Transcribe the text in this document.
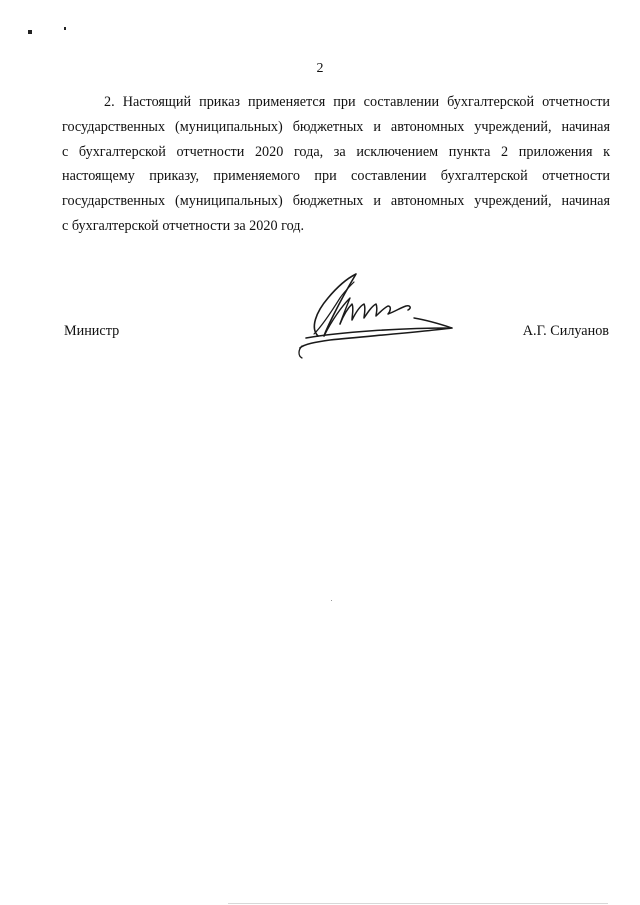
2

2. Настоящий приказ применяется при составлении бухгалтерской отчетности
государственных (муниципальных) бюджетных и автономных учреждений, начиная
с бухгалтерской отчетности 2020 года, за исключением пункта 2 приложения к
настоящему приказу, применяемого при составлении бухгалтерской отчетности
государственных (муниципальных) бюджетных и автономных учреждений, начиная
с бухгалтерской отчетности за 2020 год.

Министр	А.Г. Силуанов
